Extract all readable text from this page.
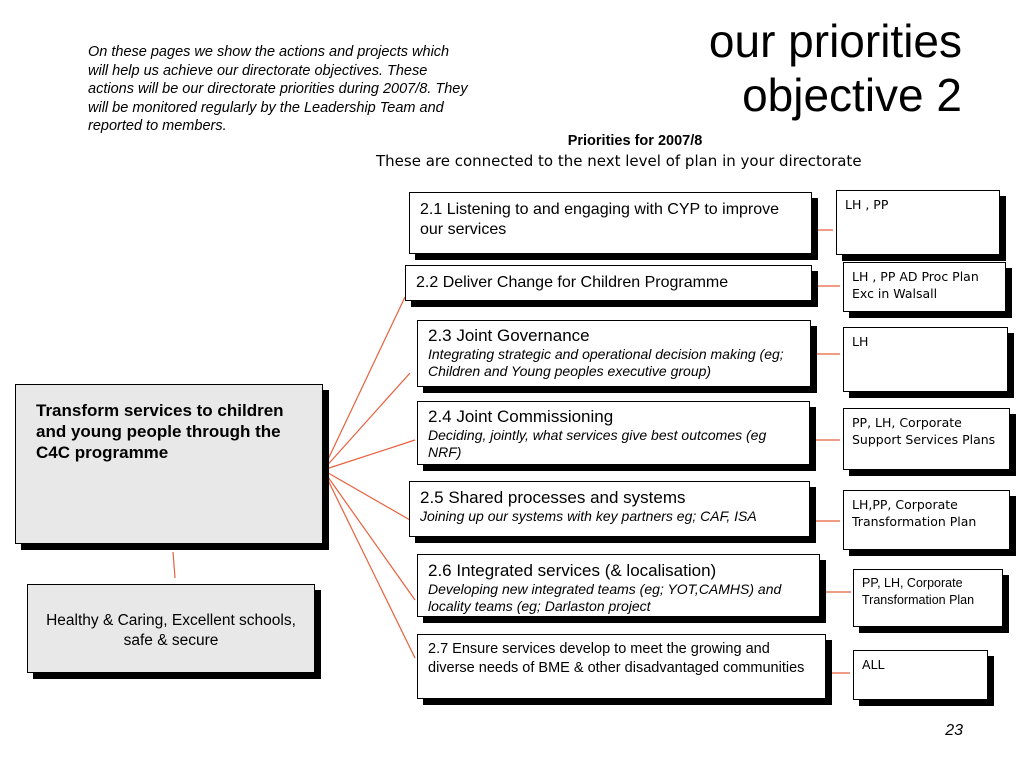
our priorities
objective 2
On these pages we show the actions and projects which will help us achieve our directorate objectives. These actions will be our directorate priorities during 2007/8. They will be monitored regularly by the Leadership Team and reported to members.
Priorities for 2007/8
These are connected to the next level of plan in your directorate
Transform services to children and young people through the C4C programme
Healthy & Caring, Excellent schools, safe & secure
2.1 Listening to and engaging with CYP to improve our services
2.2 Deliver Change for Children Programme
2.3 Joint Governance
Integrating strategic and operational decision making (eg; Children and Young peoples executive group)
2.4 Joint Commissioning
Deciding, jointly, what services give best outcomes (eg NRF)
2.5 Shared processes and systems
Joining up our systems with key partners eg; CAF, ISA
2.6 Integrated services (& localisation)
Developing new integrated teams (eg; YOT,CAMHS) and locality teams (eg; Darlaston project
2.7 Ensure services develop to meet the growing and diverse needs of BME & other disadvantaged communities
LH , PP
LH , PP AD Proc Plan Exc in Walsall
LH
PP, LH, Corporate Support Services Plans
LH,PP, Corporate Transformation Plan
PP, LH, Corporate Transformation Plan
ALL
23
